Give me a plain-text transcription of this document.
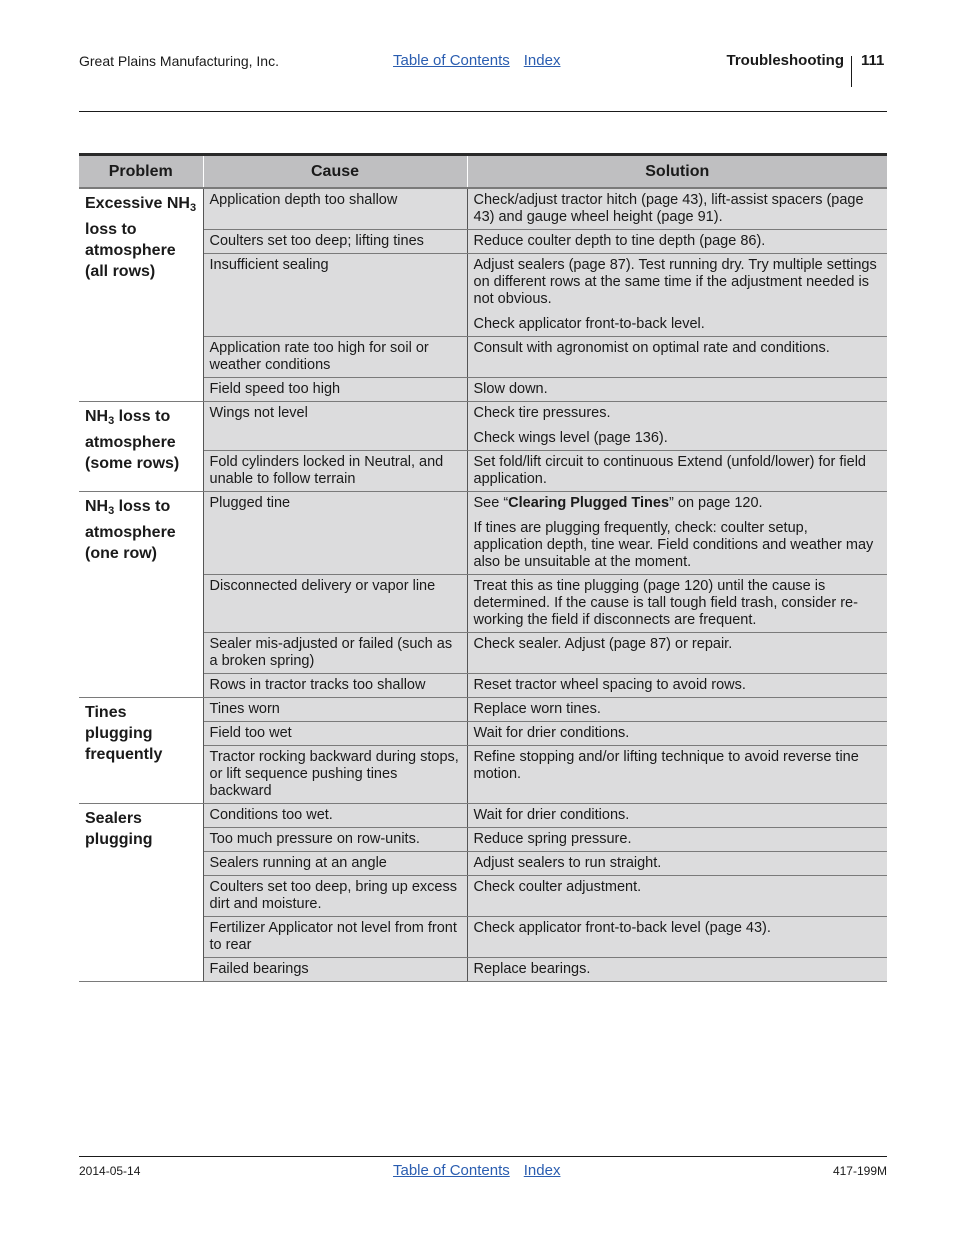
Great Plains Manufacturing, Inc.	Table of Contents Index	Troubleshooting 111
Problem	Cause	Solution
Excessive $NH_3$ loss to atmosphere (all rows)	Application depth too shallow	Check/adjust tractor hitch (page 43), lift-assist spacers (page 43) and gauge wheel height (page 91).

	Coulters set too deep; lifting tines	Reduce coulter depth to tine depth (page 86).

	Insufficient sealing	Adjust sealers (page 87). Test running dry. Try multiple settings on different rows at the same time if the adjustment needed is not obvious.

Check applicator front-to-back level.

	Application rate too high for soil or weather conditions	Consult with agronomist on optimal rate and conditions.

	Field speed too high	Slow down.

$NH_3$ loss to atmosphere (some rows)	Wings not level	Check tire pressures.

Check wings level (page 136).

	Fold cylinders locked in Neutral, and unable to follow terrain	Set fold/lift circuit to continuous Extend (unfold/lower) for field application.

$NH_3$ loss to atmosphere (one row)	Plugged tine	See “Clearing Plugged Tines” on page 120.

If tines are plugging frequently, check: coulter setup, application depth, tine wear. Field conditions and weather may also be unsuitable at the moment.

	Disconnected delivery or vapor line	Treat this as tine plugging (page 120) until the cause is determined. If the cause is tall tough field trash, consider re-working the field if disconnects are frequent.

	Sealer mis-adjusted or failed (such as a broken spring)	Check sealer. Adjust (page 87) or repair.

	Rows in tractor tracks too shallow	Reset tractor wheel spacing to avoid rows.

Tines plugging frequently	Tines worn	Replace worn tines.

	Field too wet	Wait for drier conditions.

	Tractor rocking backward during stops, or lift sequence pushing tines backward	Refine stopping and/or lifting technique to avoid reverse tine motion.

Sealers plugging	Conditions too wet.	Wait for drier conditions.

	Too much pressure on row-units.	Reduce spring pressure.

	Sealers running at an angle	Adjust sealers to run straight.

	Coulters set too deep, bring up excess dirt and moisture.	Check coulter adjustment.

	Fertilizer Applicator not level from front to rear	Check applicator front-to-back level (page 43).

	Failed bearings	Replace bearings.

2014-05-14	Table of Contents Index	417-199M
